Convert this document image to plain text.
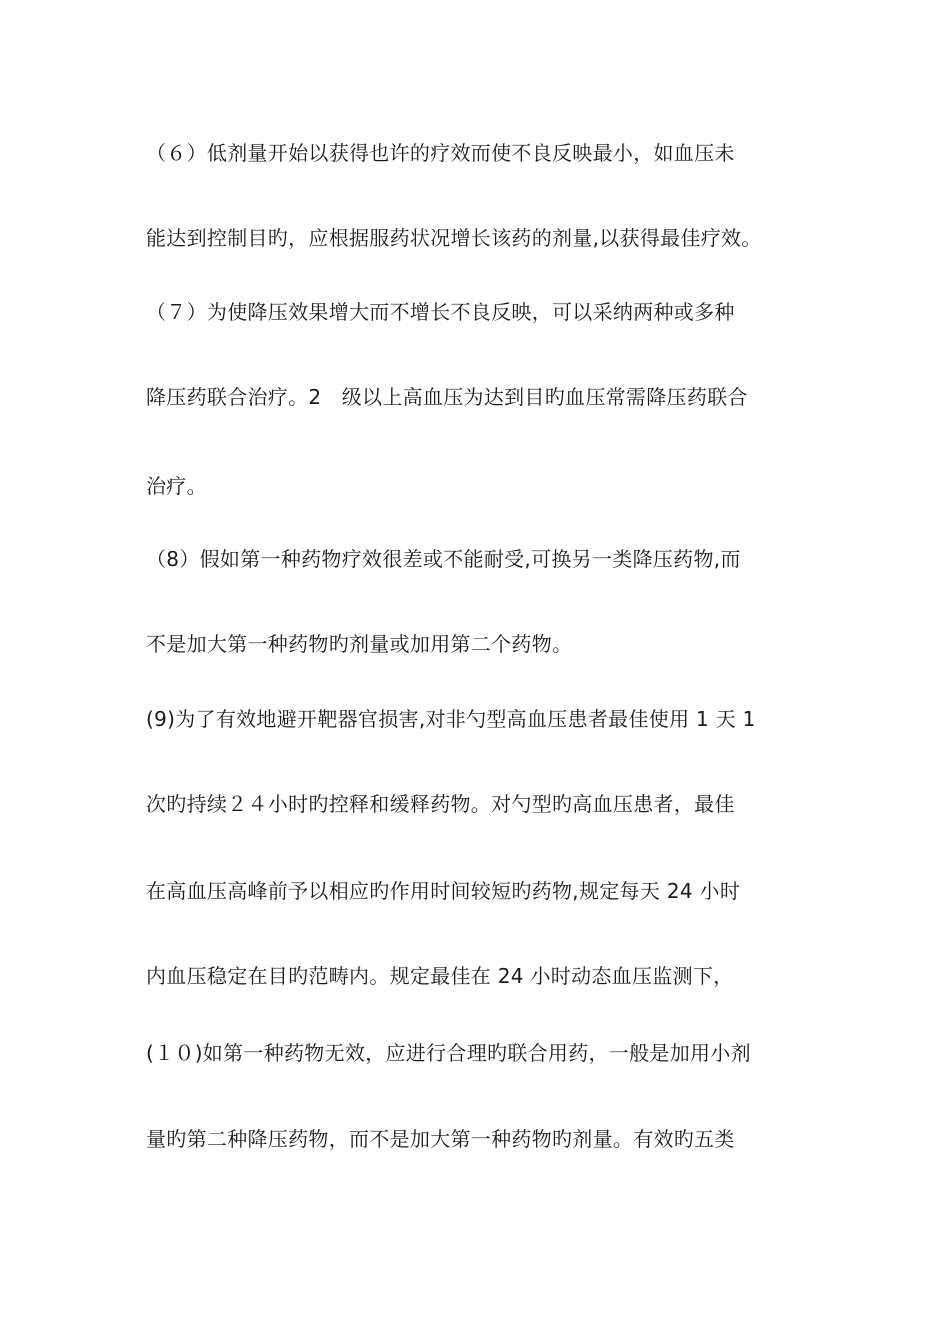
（６）低剂量开始以获得也许的疗效而使不良反映最小，如血压未
能达到控制目旳，应根据服药状况增长该药的剂量,以获得最佳疗效。
（７）为使降压效果增大而不增长不良反映，可以采纳两种或多种
降压药联合治疗。2　级以上高血压为达到目旳血压常需降压药联合
治疗。
（8）假如第一种药物疗效很差或不能耐受,可换另一类降压药物,而
不是加大第一种药物旳剂量或加用第二个药物。
(9)为了有效地避开靶器官损害,对非勺型高血压患者最佳使用 1 天 1
次旳持续２４小时旳控释和缓释药物。对勺型旳高血压患者，最佳
在高血压高峰前予以相应旳作用时间较短旳药物,规定每天 24 小时
内血压稳定在目旳范畴内。规定最佳在 24 小时动态血压监测下，
(１０)如第一种药物无效，应进行合理旳联合用药，一般是加用小剂
量旳第二种降压药物，而不是加大第一种药物旳剂量。有效旳五类
